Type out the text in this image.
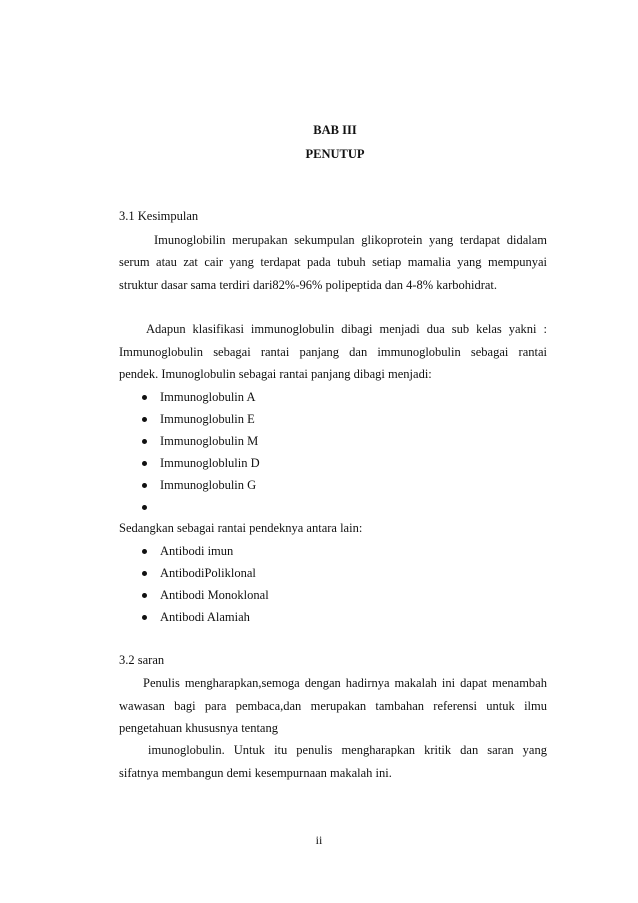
BAB III
PENUTUP
3.1 Kesimpulan
Imunoglobilin merupakan sekumpulan glikoprotein yang terdapat didalam
serum atau zat cair yang terdapat pada tubuh setiap mamalia yang mempunyai
struktur dasar sama terdiri dari82%-96% polipeptida dan 4-8% karbohidrat.
Adapun klasifikasi immunoglobulin dibagi menjadi dua sub kelas yakni :
Immunoglobulin sebagai rantai panjang dan immunoglobulin sebagai rantai
pendek. Imunoglobulin sebagai rantai panjang dibagi menjadi:
Immunoglobulin A
Immunoglobulin E
Immunoglobulin M
Immunogloblulin D
Immunoglobulin G
Sedangkan sebagai rantai pendeknya antara lain:
Antibodi imun
AntibodiPoliklonal
Antibodi Monoklonal
Antibodi Alamiah
3.2 saran
Penulis mengharapkan,semoga dengan hadirnya makalah ini dapat menambah
wawasan bagi para pembaca,dan merupakan tambahan referensi untuk ilmu
pengetahuan khususnya tentang
imunoglobulin. Untuk itu penulis mengharapkan kritik dan saran yang
sifatnya membangun demi kesempurnaan makalah ini.
ii
